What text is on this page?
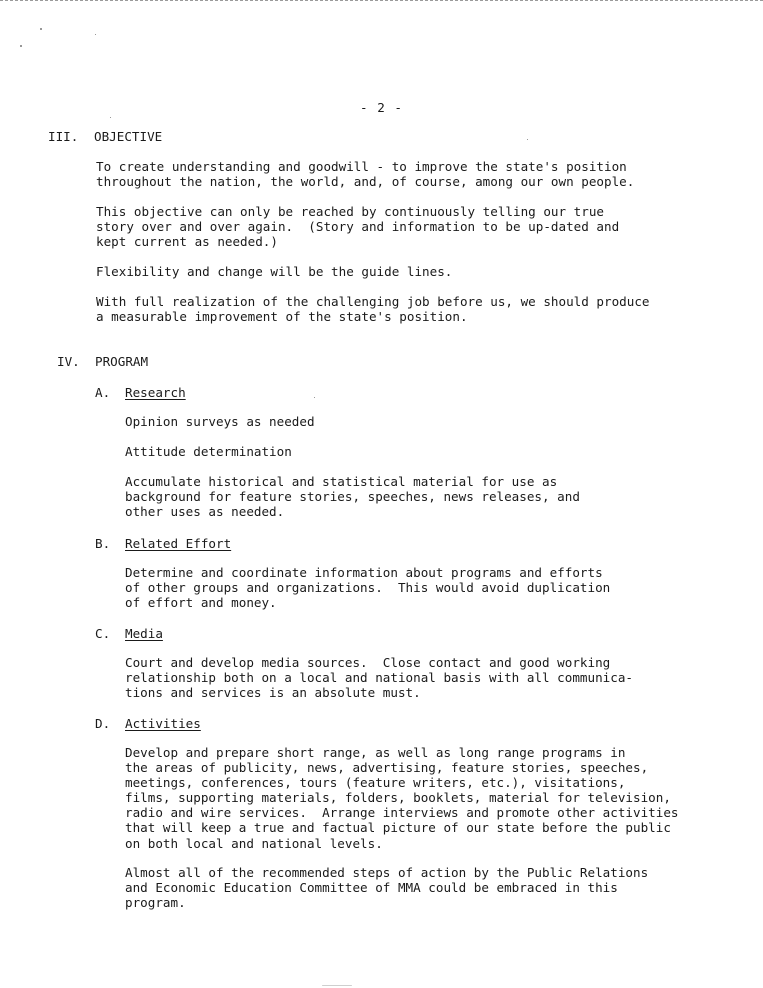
- 2 -
III. OBJECTIVE

To create understanding and goodwill - to improve the state's position
throughout the nation, the world, and, of course, among our own people.

This objective can only be reached by continuously telling our true
story over and over again.  (Story and information to be up-dated and
kept current as needed.)

Flexibility and change will be the guide lines.

With full realization of the challenging job before us, we should produce
a measurable improvement of the state's position.

IV. PROGRAM
A. Research

Opinion surveys as needed

Attitude determination

Accumulate historical and statistical material for use as
background for feature stories, speeches, news releases, and
other uses as needed.

B. Related Effort

Determine and coordinate information about programs and efforts
of other groups and organizations.  This would avoid duplication
of effort and money.

C. Media

Court and develop media sources.  Close contact and good working
relationship both on a local and national basis with all communica-
tions and services is an absolute must.

D. Activities

Develop and prepare short range, as well as long range programs in
the areas of publicity, news, advertising, feature stories, speeches,
meetings, conferences, tours (feature writers, etc.), visitations,
films, supporting materials, folders, booklets, material for television,
radio and wire services.  Arrange interviews and promote other activities
that will keep a true and factual picture of our state before the public
on both local and national levels.

Almost all of the recommended steps of action by the Public Relations
and Economic Education Committee of MMA could be embraced in this
program.
